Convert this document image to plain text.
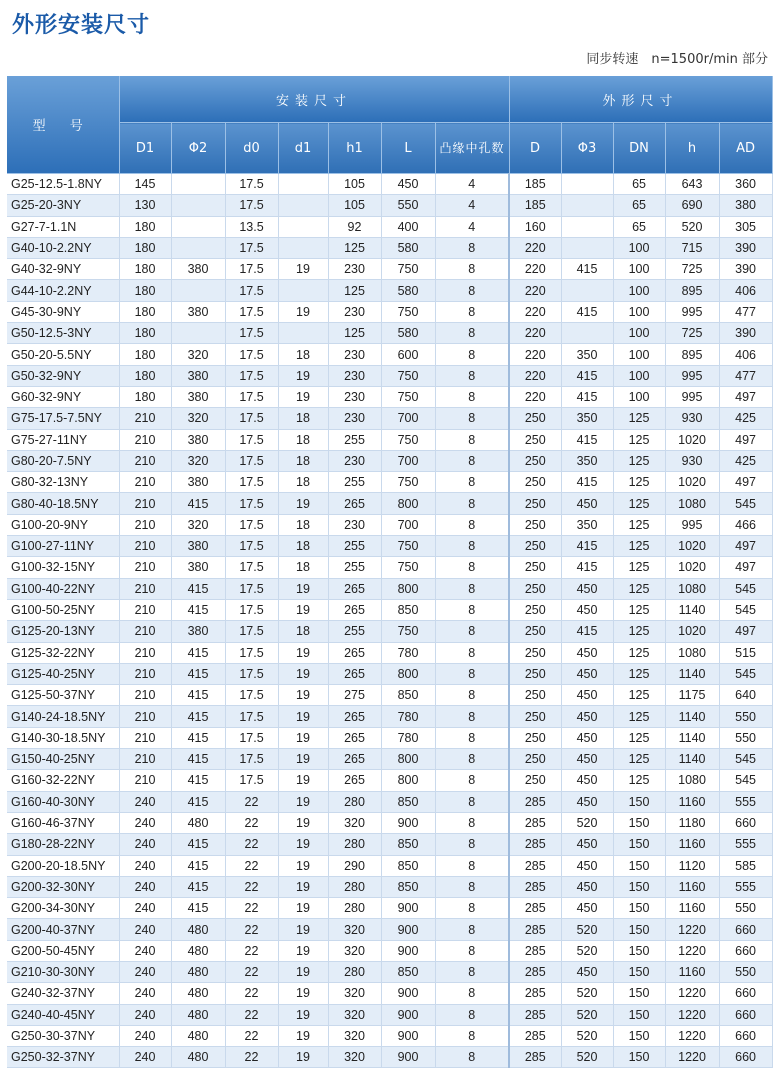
外形安装尺寸
同步转速　n=1500r/min 部分
型 号	安装尺寸							外形尺寸				
	D1	Φ2	d0	d1	h1	L	凸缘中孔数	D	Φ3	DN	h	AD
G25-12.5-1.8NY	145		17.5		105	450	4	185		65	643	360
G25-20-3NY	130		17.5		105	550	4	185		65	690	380
G27-7-1.1N	180		13.5		92	400	4	160		65	520	305
G40-10-2.2NY	180		17.5		125	580	8	220		100	715	390
G40-32-9NY	180	380	17.5	19	230	750	8	220	415	100	725	390
G44-10-2.2NY	180		17.5		125	580	8	220		100	895	406
G45-30-9NY	180	380	17.5	19	230	750	8	220	415	100	995	477
G50-12.5-3NY	180		17.5		125	580	8	220		100	725	390
G50-20-5.5NY	180	320	17.5	18	230	600	8	220	350	100	895	406
G50-32-9NY	180	380	17.5	19	230	750	8	220	415	100	995	477
G60-32-9NY	180	380	17.5	19	230	750	8	220	415	100	995	497
G75-17.5-7.5NY	210	320	17.5	18	230	700	8	250	350	125	930	425
G75-27-11NY	210	380	17.5	18	255	750	8	250	415	125	1020	497
G80-20-7.5NY	210	320	17.5	18	230	700	8	250	350	125	930	425
G80-32-13NY	210	380	17.5	18	255	750	8	250	415	125	1020	497
G80-40-18.5NY	210	415	17.5	19	265	800	8	250	450	125	1080	545
G100-20-9NY	210	320	17.5	18	230	700	8	250	350	125	995	466
G100-27-11NY	210	380	17.5	18	255	750	8	250	415	125	1020	497
G100-32-15NY	210	380	17.5	18	255	750	8	250	415	125	1020	497
G100-40-22NY	210	415	17.5	19	265	800	8	250	450	125	1080	545
G100-50-25NY	210	415	17.5	19	265	850	8	250	450	125	1140	545
G125-20-13NY	210	380	17.5	18	255	750	8	250	415	125	1020	497
G125-32-22NY	210	415	17.5	19	265	780	8	250	450	125	1080	515
G125-40-25NY	210	415	17.5	19	265	800	8	250	450	125	1140	545
G125-50-37NY	210	415	17.5	19	275	850	8	250	450	125	1175	640
G140-24-18.5NY	210	415	17.5	19	265	780	8	250	450	125	1140	550
G140-30-18.5NY	210	415	17.5	19	265	780	8	250	450	125	1140	550
G150-40-25NY	210	415	17.5	19	265	800	8	250	450	125	1140	545
G160-32-22NY	210	415	17.5	19	265	800	8	250	450	125	1080	545
G160-40-30NY	240	415	22	19	280	850	8	285	450	150	1160	555
G160-46-37NY	240	480	22	19	320	900	8	285	520	150	1180	660
G180-28-22NY	240	415	22	19	280	850	8	285	450	150	1160	555
G200-20-18.5NY	240	415	22	19	290	850	8	285	450	150	1120	585
G200-32-30NY	240	415	22	19	280	850	8	285	450	150	1160	555
G200-34-30NY	240	415	22	19	280	900	8	285	450	150	1160	550
G200-40-37NY	240	480	22	19	320	900	8	285	520	150	1220	660
G200-50-45NY	240	480	22	19	320	900	8	285	520	150	1220	660
G210-30-30NY	240	480	22	19	280	850	8	285	450	150	1160	550
G240-32-37NY	240	480	22	19	320	900	8	285	520	150	1220	660
G240-40-45NY	240	480	22	19	320	900	8	285	520	150	1220	660
G250-30-37NY	240	480	22	19	320	900	8	285	520	150	1220	660
G250-32-37NY	240	480	22	19	320	900	8	285	520	150	1220	660
